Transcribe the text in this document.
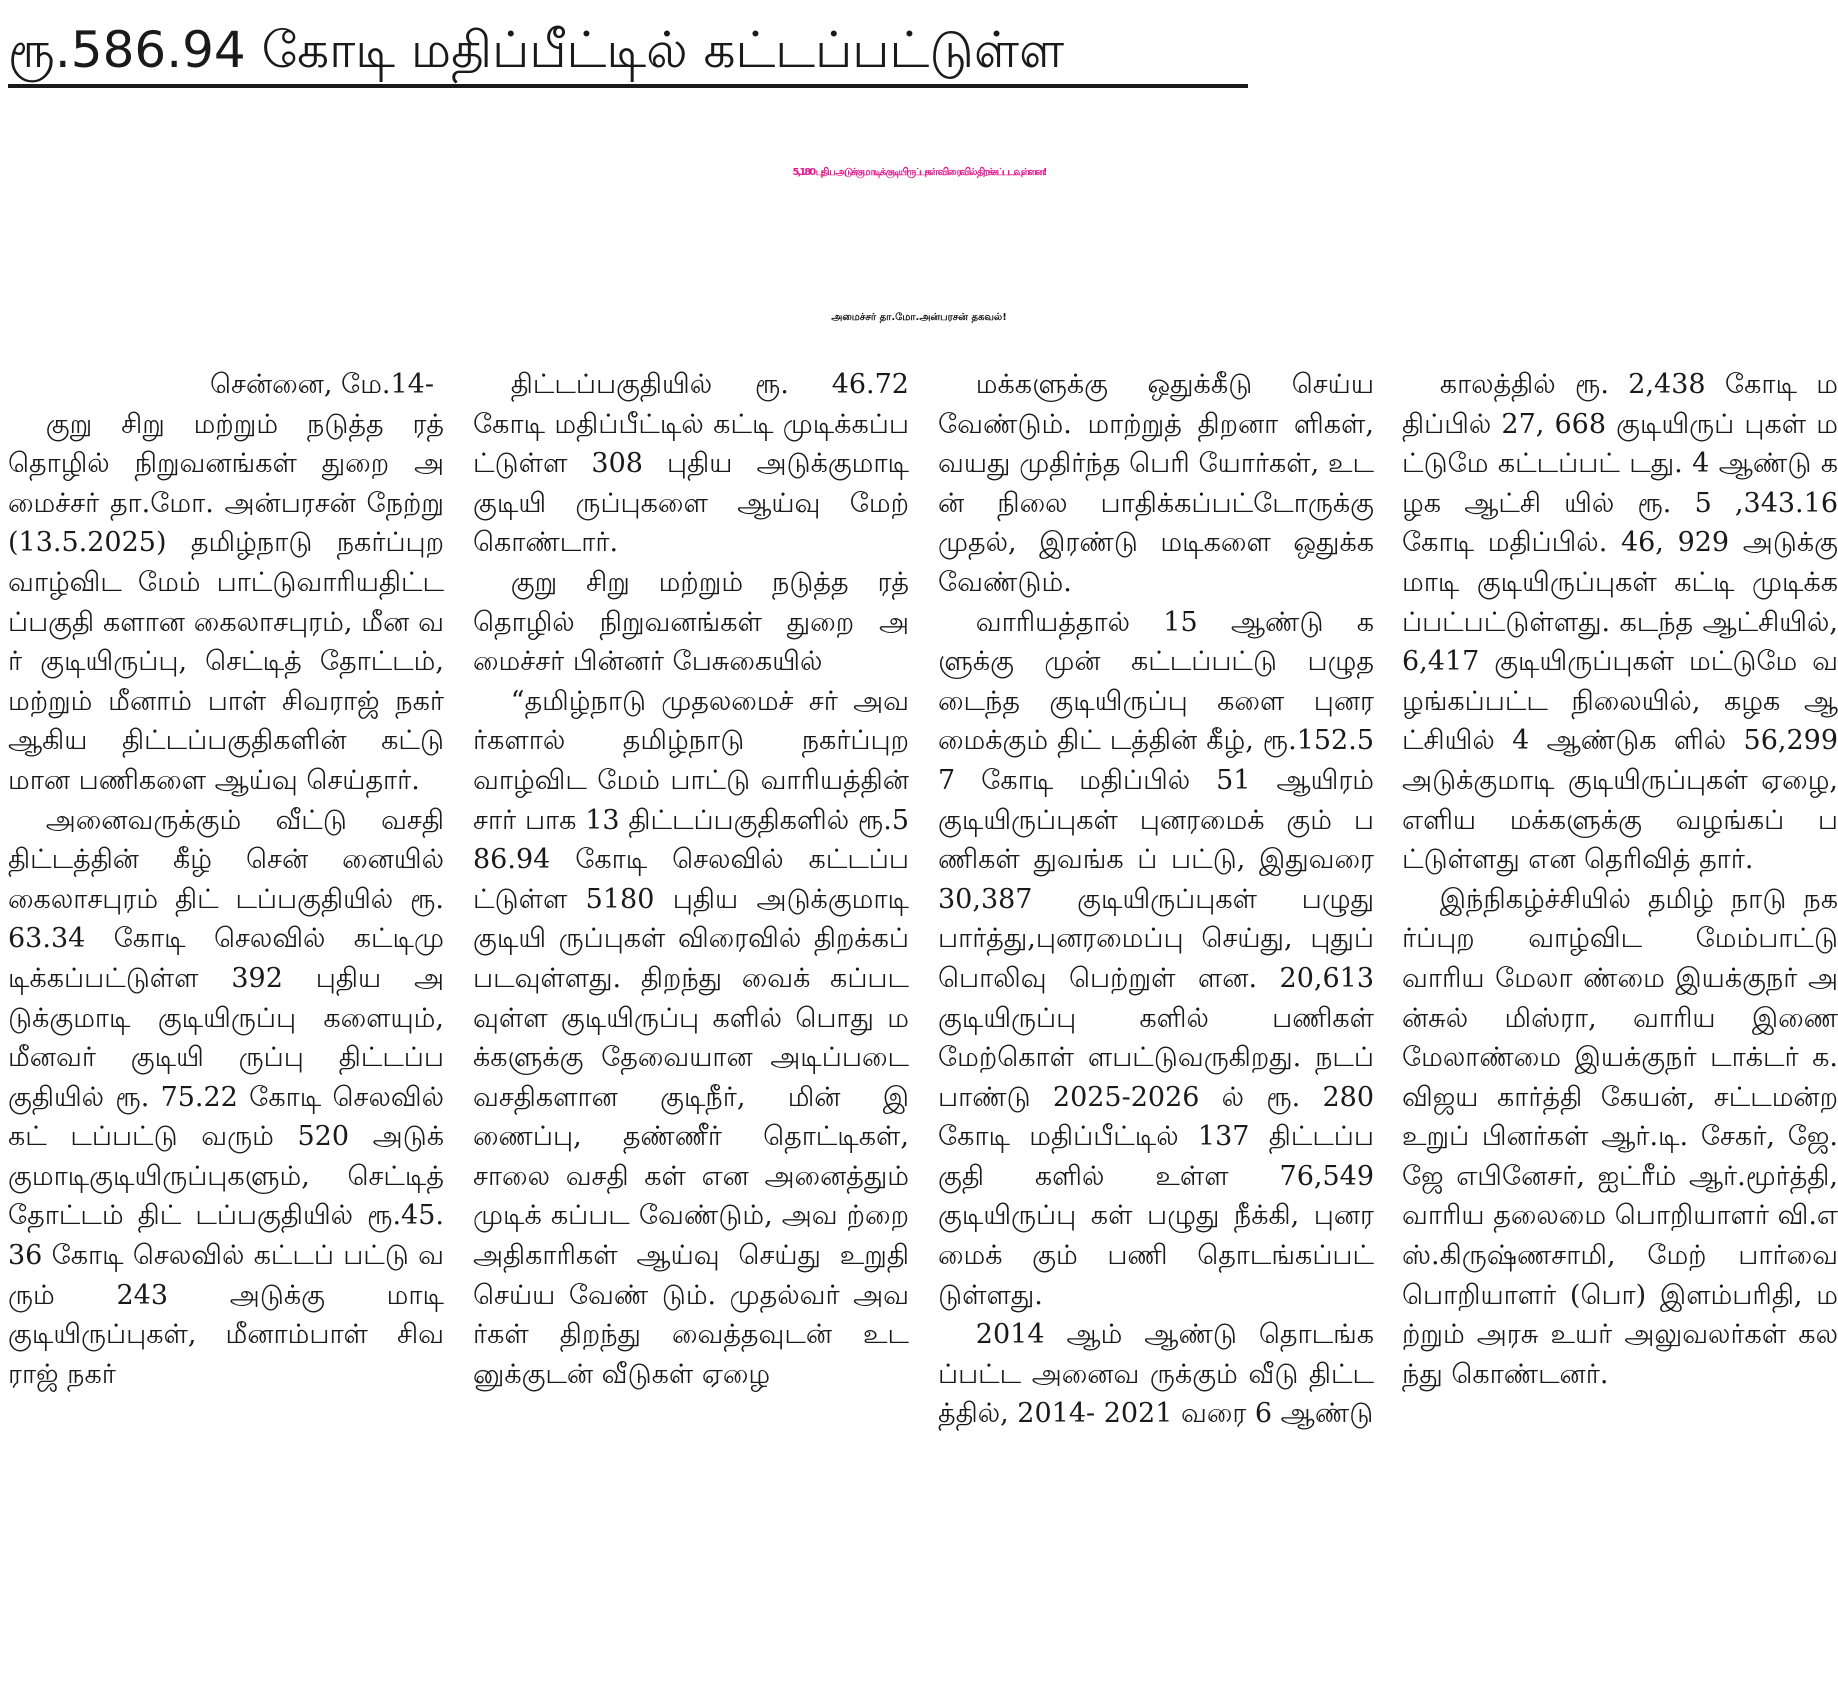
ரூ.586.94 கோடி மதிப்பீட்டில் கட்டப்பட்டுள்ள
5,180 புதிய அடுக்குமாடிக் குடியிருப்புகள் விரைவில் திறக்கப்படவுள்ளன!
அமைச்சர் தா.மோ.அன்பரசன் தகவல்!

சென்னை, மே.14-

குறு சிறு மற்றும் நடுத்த ரத் தொழில் நிறுவனங்கள் துறை அமைச்சர் தா.மோ. அன்பரசன் நேற்று (13.5.2025) தமிழ்நாடு நகர்ப்புற வாழ்விட மேம் பாட்டுவாரியதிட்டப்பகுதி களான கைலாசபுரம், மீன வர் குடியிருப்பு, செட்டித் தோட்டம், மற்றும் மீனாம் பாள் சிவராஜ் நகர் ஆகிய திட்டப்பகுதிகளின் கட்டு மான பணிகளை ஆய்வு செய்தார்.

அனைவருக்கும் வீட்டு வசதி திட்டத்தின் கீழ் சென் னையில் கைலாசபுரம் திட் டப்பகுதியில் ரூ. 63.34 கோடி செலவில் கட்டிமு டிக்கப்பட்டுள்ள 392 புதிய அடுக்குமாடி குடியிருப்பு களையும், மீனவர் குடியி ருப்பு திட்டப்பகுதியில் ரூ. 75.22 கோடி செலவில் கட் டப்பட்டு வரும் 520 அடுக் குமாடிகுடியிருப்புகளும், செட்டித் தோட்டம் திட் டப்பகுதியில் ரூ.45.36 கோடி செலவில் கட்டப் பட்டு வரும் 243 அடுக்கு மாடி குடியிருப்புகள், மீனாம்பாள் சிவராஜ் நகர்

திட்டப்பகுதியில் ரூ. 46.72 கோடி மதிப்பீட்டில் கட்டி முடிக்கப்பட்டுள்ள 308 புதிய அடுக்குமாடி குடியி ருப்புகளை ஆய்வு மேற் கொண்டார்.

குறு சிறு மற்றும் நடுத்த ரத் தொழில் நிறுவனங்கள் துறை அமைச்சர் பின்னர் பேசுகையில்

“தமிழ்நாடு முதலமைச் சர் அவர்களால் தமிழ்நாடு நகர்ப்புற வாழ்விட மேம் பாட்டு வாரியத்தின் சார் பாக 13 திட்டப்பகுதிகளில் ரூ.586.94 கோடி செலவில் கட்டப்பட்டுள்ள 5180 புதிய அடுக்குமாடி குடியி ருப்புகள் விரைவில் திறக்கப் படவுள்ளது. திறந்து வைக் கப்படவுள்ள குடியிருப்பு களில் பொது மக்களுக்கு தேவையான அடிப்படை வசதிகளான குடிநீர், மின் இணைப்பு, தண்ணீர் தொட்டிகள், சாலை வசதி கள் என அனைத்தும் முடிக் கப்பட வேண்டும், அவ ற்றை அதிகாரிகள் ஆய்வு செய்து உறுதி செய்ய வேண் டும். முதல்வர் அவர்கள் திறந்து வைத்தவுடன் உட னுக்குடன் வீடுகள் ஏழை

மக்களுக்கு ஒதுக்கீடு செய்ய வேண்டும். மாற்றுத் திறனா ளிகள், வயது முதிர்ந்த பெரி யோர்கள், உடன் நிலை பாதிக்கப்பட்டோருக்கு முதல், இரண்டு மடிகளை ஒதுக்க வேண்டும்.

வாரியத்தால் 15 ஆண்டு களுக்கு முன் கட்டப்பட்டு பழுதடைந்த குடியிருப்பு களை புனரமைக்கும் திட் டத்தின் கீழ், ரூ.152.57 கோடி மதிப்பில் 51 ஆயிரம் குடியிருப்புகள் புனரமைக் கும் பணிகள் துவங்க ப் பட்டு, இதுவரை 30,387 குடியிருப்புகள் பழுது பார்த்து,புனரமைப்பு செய்து, புதுப் பொலிவு பெற்றுள் ளன. 20,613 குடியிருப்பு களில் பணிகள் மேற்கொள் ளபட்டுவருகிறது. நடப் பாண்டு 2025-2026 ல் ரூ. 280 கோடி மதிப்பீட்டில் 137 திட்டப்பகுதி களில் உள்ள 76,549 குடியிருப்பு கள் பழுது நீக்கி, புனரமைக் கும் பணி தொடங்கப்பட் டுள்ளது.

2014 ஆம் ஆண்டு தொடங்கப்பட்ட அனைவ ருக்கும் வீடு திட்டத்தில், 2014- 2021 வரை 6 ஆண்டு

காலத்தில் ரூ. 2,438 கோடி மதிப்பில் 27, 668 குடியிருப் புகள் மட்டுமே கட்டப்பட் டது. 4 ஆண்டு கழக ஆட்சி யில் ரூ. 5 ,343.16 கோடி மதிப்பில். 46, 929 அடுக்கு மாடி குடியிருப்புகள் கட்டி முடிக்கப்பட்பட்டுள்ளது. கடந்த ஆட்சியில், 6,417 குடியிருப்புகள் மட்டுமே வழங்கப்பட்ட நிலையில், கழக ஆட்சியில் 4 ஆண்டுக ளில் 56,299 அடுக்குமாடி குடியிருப்புகள் ஏழை, எளிய மக்களுக்கு வழங்கப் பட்டுள்ளது என தெரிவித் தார்.

இந்நிகழ்ச்சியில் தமிழ் நாடு நகர்ப்புற வாழ்விட மேம்பாட்டு வாரிய மேலா ண்மை இயக்குநர் அன்சுல் மிஸ்ரா, வாரிய இணை மேலாண்மை இயக்குநர் டாக்டர் க.விஜய கார்த்தி கேயன், சட்டமன்ற உறுப் பினர்கள் ஆர்.டி. சேகர், ஜே.ஜே எபினேசர், ஐட்ரீம் ஆர்.மூர்த்தி, வாரிய தலைமை பொறியாளர் வி.எஸ்.கிருஷ்ணசாமி, மேற் பார்வை பொறியாளர் (பொ) இளம்பரிதி, மற்றும் அரசு உயர் அலுவலர்கள் கலந்து கொண்டனர்.
